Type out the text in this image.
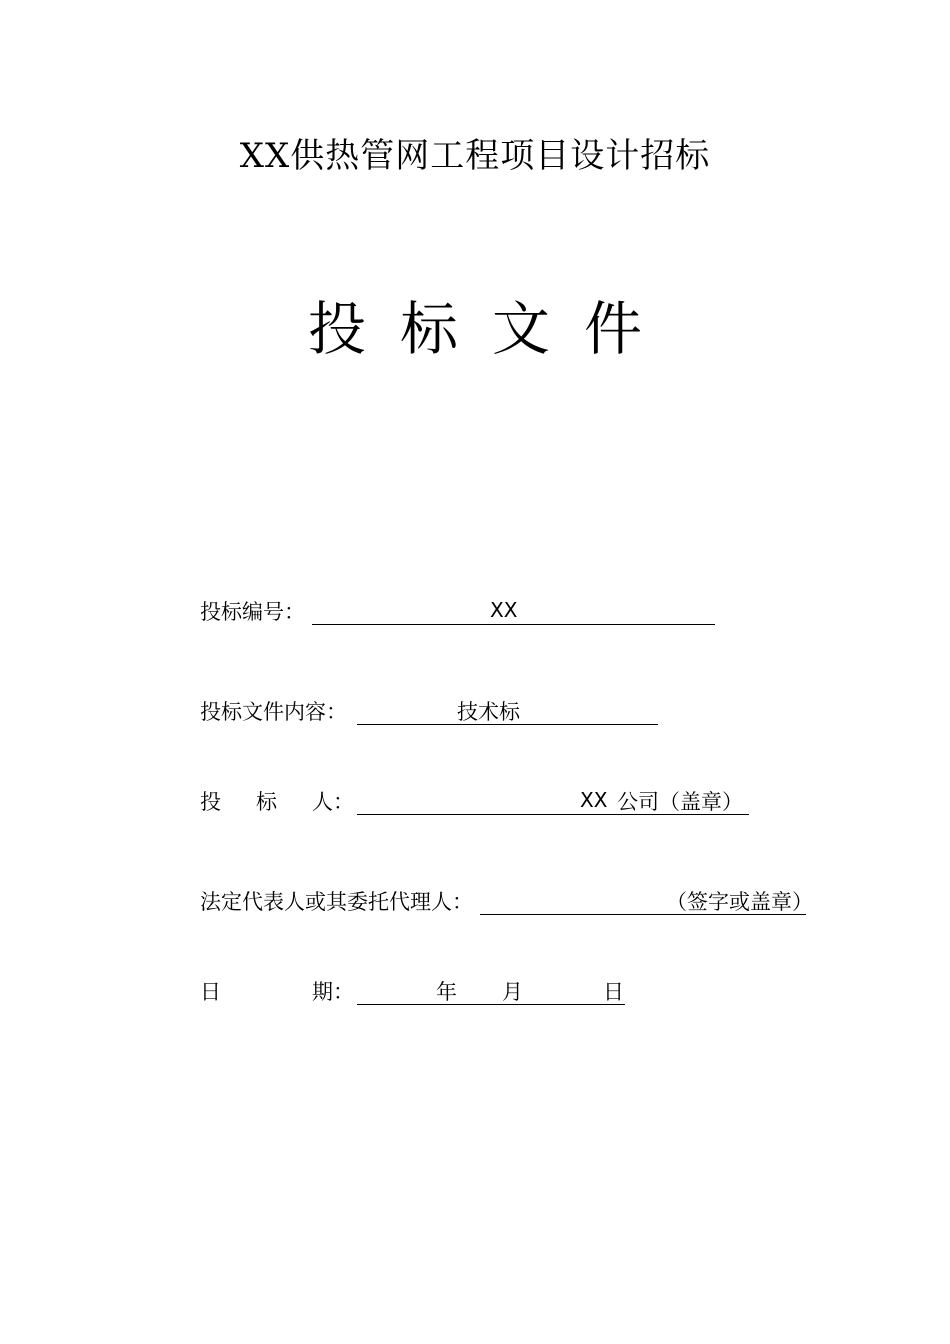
XX供热管网工程项目设计招标
投标文件
投标编号：	XX
投标文件内容：	技术标
投 标 人：	XX 公司（盖章）
法定代表人或其委托代理人：	（签字或盖章）
日	期：	年 月	日
